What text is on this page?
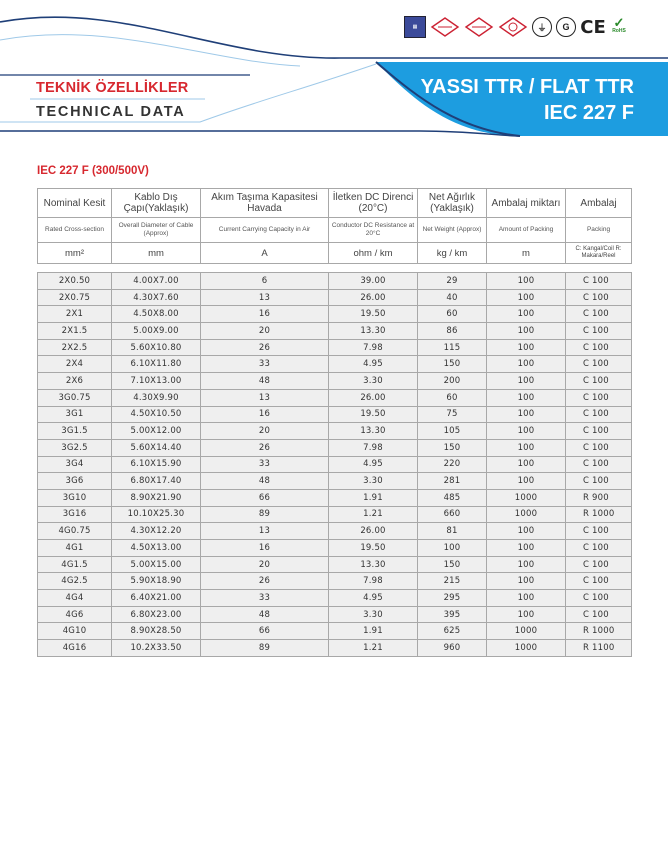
▦	⏚	G CE ✓
RoHS
TEKNİK ÖZELLİKLER
TECHNICAL DATA
YASSI TTR / FLAT TTR
IEC 227 F
IEC 227 F (300/500V)
Nominal Kesit	Kablo Dış Çapı(Yaklaşık)	Akım Taşıma Kapasitesi Havada	İletken DC Direnci (20°C)	Net Ağırlık (Yaklaşık)	Ambalaj miktarı	Ambalaj
Rated Cross-section	Overall Diameter of Cable (Approx)	Current Carrying Capacity in Air	Conductor DC Resistance at 20°C	Net Weight (Approx)	Amount of Packing	Packing
mm²	mm	A	ohm / km	kg / km	m	C: Kangal/Coil R: Makara/Reel

2X0.50	4.00X7.00	6	39.00	29	100	C 100
2X0.75	4.30X7.60	13	26.00	40	100	C 100
2X1	4.50X8.00	16	19.50	60	100	C 100
2X1.5	5.00X9.00	20	13.30	86	100	C 100
2X2.5	5.60X10.80	26	7.98	115	100	C 100
2X4	6.10X11.80	33	4.95	150	100	C 100
2X6	7.10X13.00	48	3.30	200	100	C 100
3G0.75	4.30X9.90	13	26.00	60	100	C 100
3G1	4.50X10.50	16	19.50	75	100	C 100
3G1.5	5.00X12.00	20	13.30	105	100	C 100
3G2.5	5.60X14.40	26	7.98	150	100	C 100
3G4	6.10X15.90	33	4.95	220	100	C 100
3G6	6.80X17.40	48	3.30	281	100	C 100
3G10	8.90X21.90	66	1.91	485	1000	R 900
3G16	10.10X25.30	89	1.21	660	1000	R 1000
4G0.75	4.30X12.20	13	26.00	81	100	C 100
4G1	4.50X13.00	16	19.50	100	100	C 100
4G1.5	5.00X15.00	20	13.30	150	100	C 100
4G2.5	5.90X18.90	26	7.98	215	100	C 100
4G4	6.40X21.00	33	4.95	295	100	C 100
4G6	6.80X23.00	48	3.30	395	100	C 100
4G10	8.90X28.50	66	1.91	625	1000	R 1000
4G16	10.2X33.50	89	1.21	960	1000	R 1100
